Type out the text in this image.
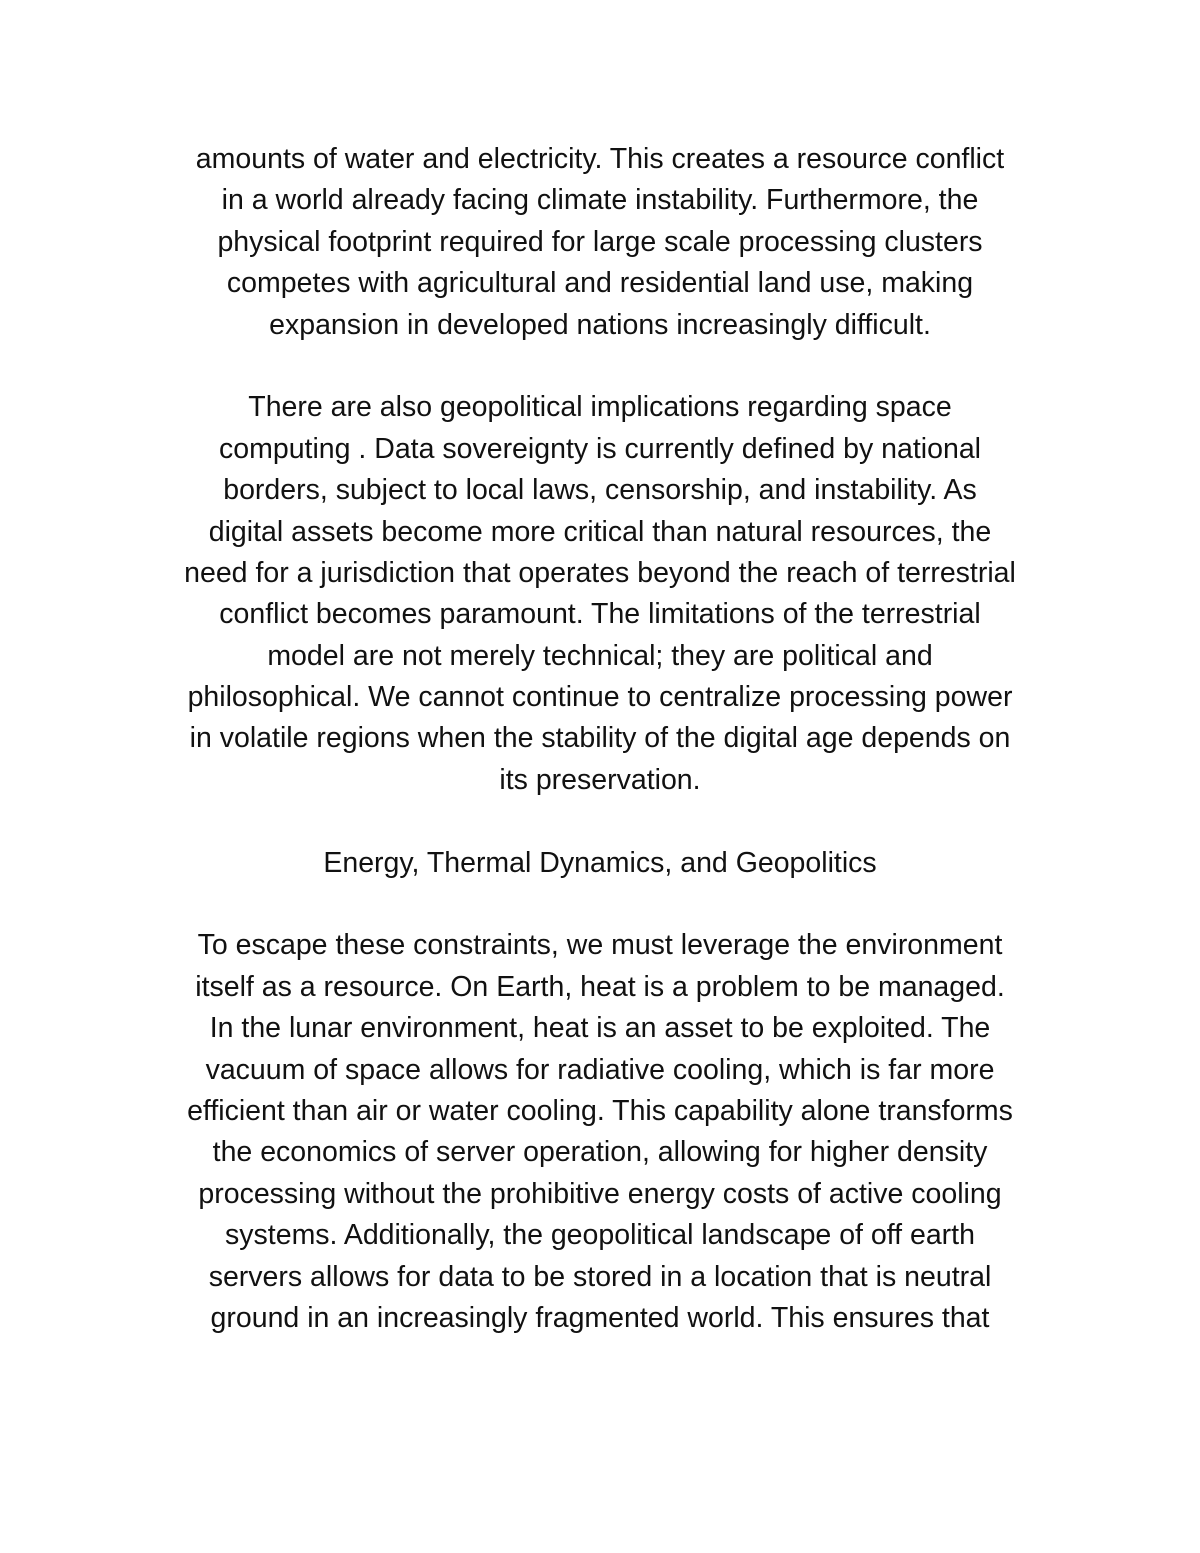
amounts of water and electricity. This creates a resource conflict
in a world already facing climate instability. Furthermore, the
physical footprint required for large scale processing clusters
competes with agricultural and residential land use, making
expansion in developed nations increasingly difficult.
There are also geopolitical implications regarding space
computing . Data sovereignty is currently defined by national
borders, subject to local laws, censorship, and instability. As
digital assets become more critical than natural resources, the
need for a jurisdiction that operates beyond the reach of terrestrial
conflict becomes paramount. The limitations of the terrestrial
model are not merely technical; they are political and
philosophical. We cannot continue to centralize processing power
in volatile regions when the stability of the digital age depends on
its preservation.
Energy, Thermal Dynamics, and Geopolitics
To escape these constraints, we must leverage the environment
itself as a resource. On Earth, heat is a problem to be managed.
In the lunar environment, heat is an asset to be exploited. The
vacuum of space allows for radiative cooling, which is far more
efficient than air or water cooling. This capability alone transforms
the economics of server operation, allowing for higher density
processing without the prohibitive energy costs of active cooling
systems. Additionally, the geopolitical landscape of off earth
servers allows for data to be stored in a location that is neutral
ground in an increasingly fragmented world. This ensures that
